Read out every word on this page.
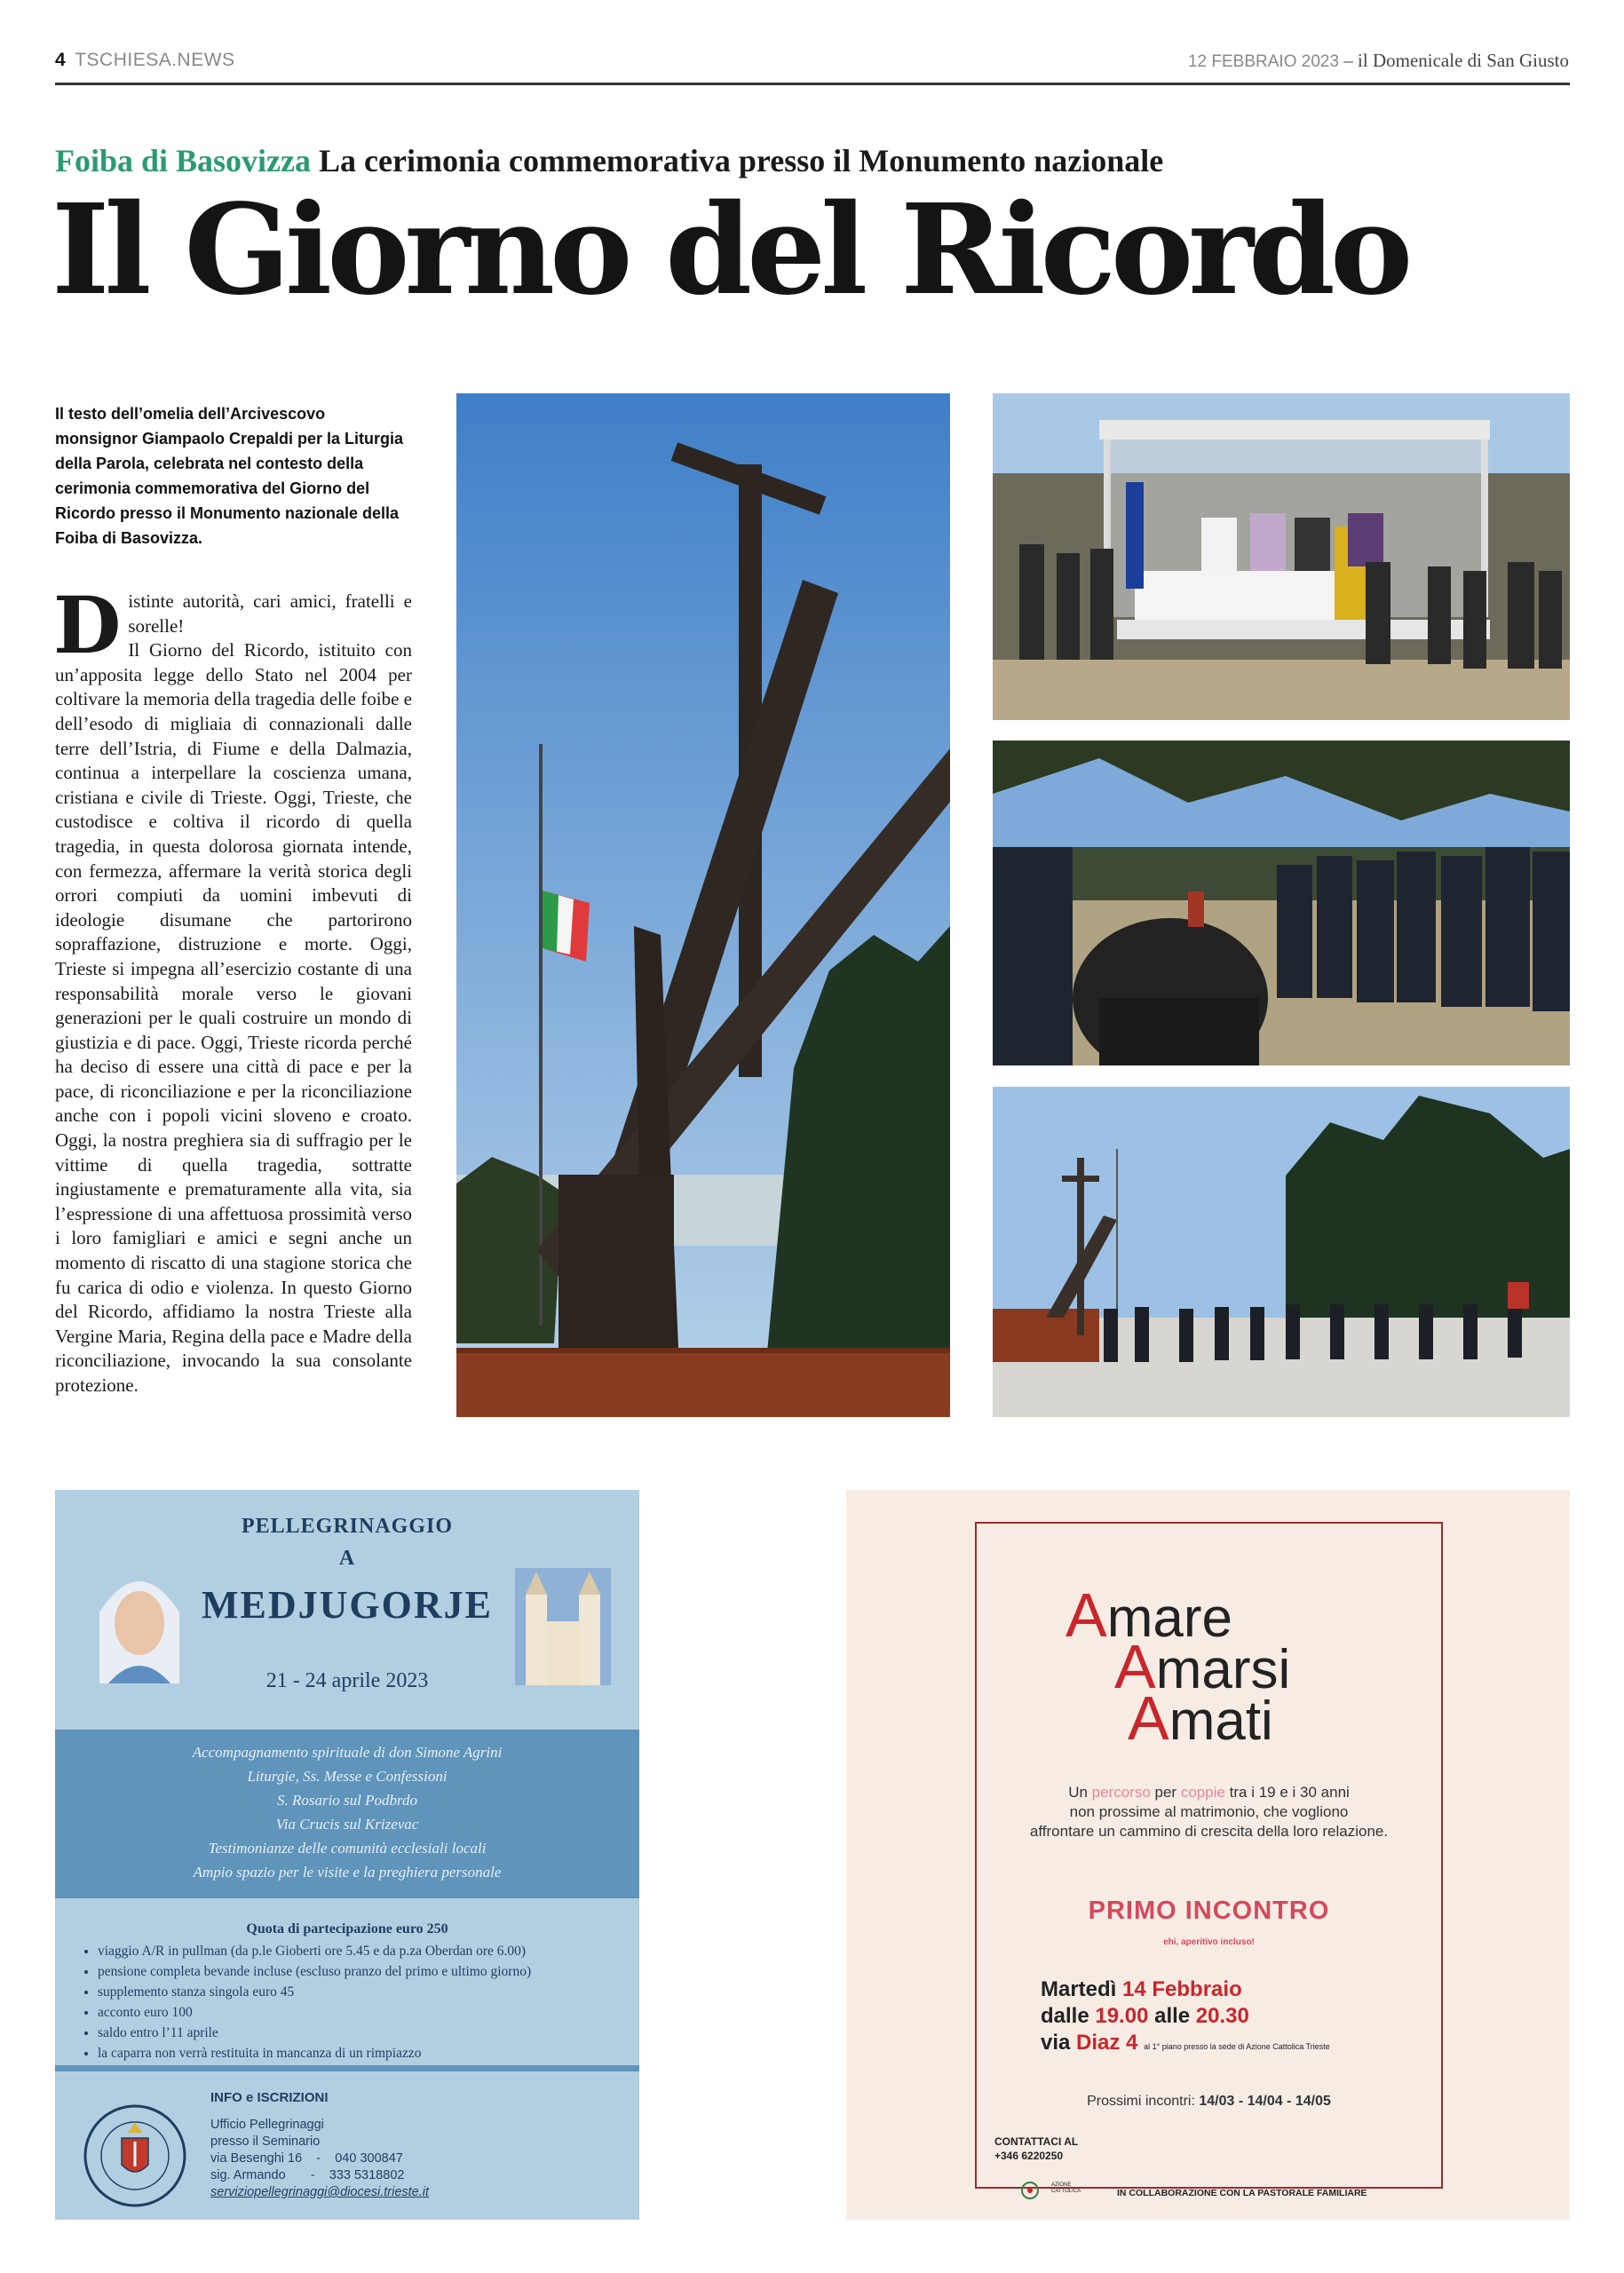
4 TSCHIESA.NEWS	12 FEBBRAIO 2023 – il Domenicale di San Giusto
Foiba di Basovizza La cerimonia commemorativa presso il Monumento nazionale
Il Giorno del Ricordo
Il testo dell’omelia dell’Arcivescovo monsignor Giampaolo Crepaldi per la Liturgia della Parola, celebrata nel contesto della cerimonia commemorativa del Giorno del Ricordo presso il Monumento nazionale della Foiba di Basovizza.
D istinte autorità, cari amici, fratelli e sorelle!

Il Giorno del Ricordo, istituito con un’apposita legge dello Stato nel 2004 per coltivare la memoria della tragedia delle foibe e dell’esodo di migliaia di connazionali dalle terre dell’Istria, di Fiume e della Dalmazia, continua a interpellare la coscienza umana, cristiana e civile di Trieste. Oggi, Trieste, che custodisce e coltiva il ricordo di quella tragedia, in questa dolorosa giornata intende, con fermezza, affermare la verità storica degli orrori compiuti da uomini imbevuti di ideologie disumane che partorirono sopraffazione, distruzione e morte. Oggi, Trieste si impegna all’esercizio costante di una responsabilità morale verso le giovani generazioni per le quali costruire un mondo di giustizia e di pace. Oggi, Trieste ricorda perché ha deciso di essere una città di pace e per la pace, di riconciliazione e per la riconciliazione anche con i popoli vicini sloveno e croato. Oggi, la nostra preghiera sia di suffragio per le vittime di quella tragedia, sottratte ingiustamente e prematuramente alla vita, sia l’espressione di una affettuosa prossimità verso i loro famigliari e amici e segni anche un momento di riscatto di una stagione storica che fu carica di odio e violenza. In questo Giorno del Ricordo, affidiamo la nostra Trieste alla Vergine Maria, Regina della pace e Madre della riconciliazione, invocando la sua consolante protezione.

PELLEGRINAGGIO
A
MEDJUGORJE
21 - 24 aprile 2023
Accompagnamento spirituale di don Simone Agrini
Liturgie, Ss. Messe e Confessioni
S. Rosario sul Podbrdo
Via Crucis sul Krizevac
Testimonianze delle comunità ecclesiali locali
Ampio spazio per le visite e la preghiera personale
Quota di partecipazione euro 250
• viaggio A/R in pullman (da p.le Gioberti ore 5.45 e da p.za Oberdan ore 6.00)
• pensione completa bevande incluse (escluso pranzo del primo e ultimo giorno)
• supplemento stanza singola euro 45
• acconto euro 100
• saldo entro l’11 aprile
• la caparra non verrà restituita in mancanza di un rimpiazzo
INFO e ISCRIZIONI
Ufficio Pellegrinaggi
presso il Seminario
via Besenghi 16    -    040 300847
sig. Armando       -    333 5318802
serviziopellegrinaggi@diocesi.trieste.it
Amare
Amarsi
Amati
Un percorso per coppie tra i 19 e i 30 anni
non prossime al matrimonio, che vogliono
affrontare un cammino di crescita della loro relazione.
PRIMO INCONTRO
ehi, aperitivo incluso!
Martedì 14 Febbraio
dalle 19.00 alle 20.30
via Diaz 4 al 1° piano presso la sede di Azione Cattolica Trieste
Prossimi incontri: 14/03 - 14/04 - 14/05
CONTATTACI AL
+346 6220250
AZIONE CATTOLICA	IN COLLABORAZIONE CON LA PASTORALE FAMILIARE
